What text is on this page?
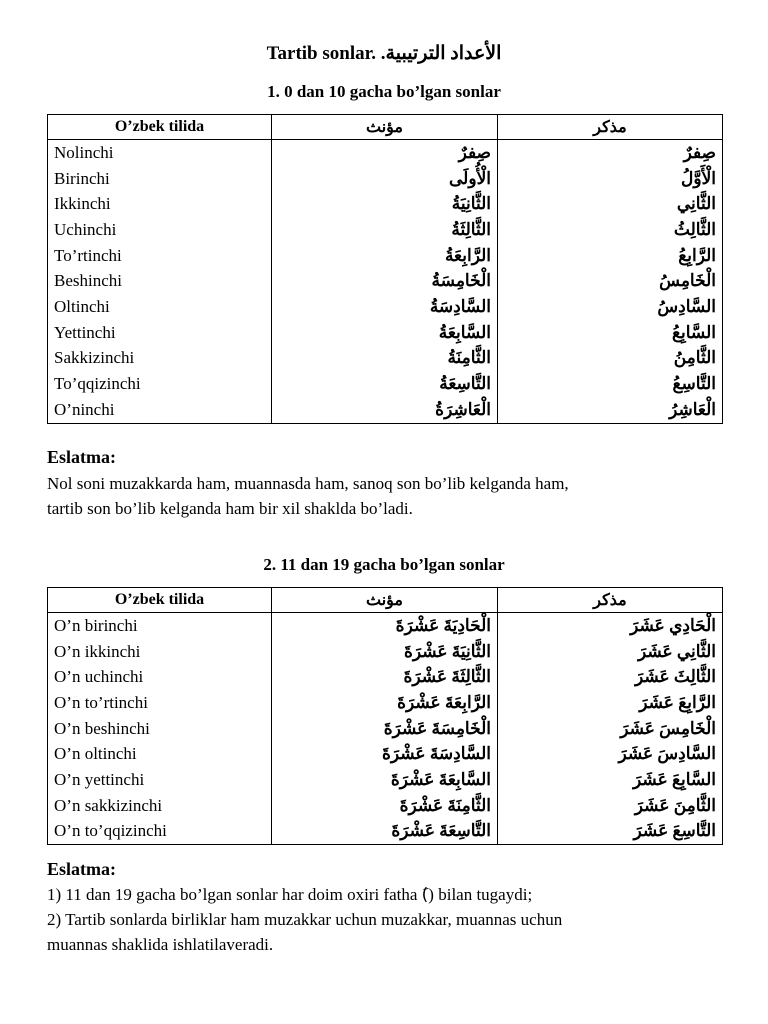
Tartib sonlar. .الأعداد الترتيبية
1. 0 dan 10 gacha bo’lgan sonlar
O’zbek tilida	مؤنث	مذكر
Nolinchi	صِفرٌ	صِفرٌ
Birinchi	الْأُولَى	الْأَوَّلُ
Ikkinchi	الثَّانِيَةُ	الثَّانِي
Uchinchi	الثَّالِثَةُ	الثَّالِثُ
To’rtinchi	الرَّابِعَةُ	الرَّابِعُ
Beshinchi	الْخَامِسَةُ	الْخَامِسُ
Oltinchi	السَّادِسَةُ	السَّادِسُ
Yettinchi	السَّابِعَةُ	السَّابِعُ
Sakkizinchi	الثَّامِنَةُ	الثَّامِنُ
To’qqizinchi	التَّاسِعَةُ	التَّاسِعُ
O’ninchi	الْعَاشِرَةُ	الْعَاشِرُ
Eslatma:
Nol soni muzakkarda ham, muannasda ham, sanoq son bo’lib kelganda ham,
tartib son bo’lib kelganda ham bir xil shaklda bo’ladi.
2. 11 dan 19 gacha bo’lgan sonlar
O’zbek tilida	مؤنث	مذكر
O’n birinchi	الْحَادِيَةَ عَشْرَةَ	الْحَادِي عَشَرَ
O’n ikkinchi	الثَّانِيَةَ عَشْرَةَ	الثَّانِي عَشَرَ
O’n uchinchi	الثَّالِثَةَ عَشْرَةَ	الثَّالِثَ عَشَرَ
O’n to’rtinchi	الرَّابِعَةَ عَشْرَةَ	الرَّابِعَ عَشَرَ
O’n beshinchi	الْخَامِسَةَ عَشْرَةَ	الْخَامِسَ عَشَرَ
O’n oltinchi	السَّادِسَةَ عَشْرَةَ	السَّادِسَ عَشَرَ
O’n yettinchi	السَّابِعَةَ عَشْرَةَ	السَّابِعَ عَشَرَ
O’n sakkizinchi	الثَّامِنَةَ عَشْرَةَ	الثَّامِنَ عَشَرَ
O’n to’qqizinchi	التَّاسِعَةَ عَشْرَةَ	التَّاسِعَ عَشَرَ
Eslatma:
1) 11 dan 19 gacha bo’lgan sonlar har doim oxiri fatha (َ) bilan tugaydi;
2) Tartib sonlarda birliklar ham muzakkar uchun muzakkar, muannas uchun
muannas shaklida ishlatilaveradi.
